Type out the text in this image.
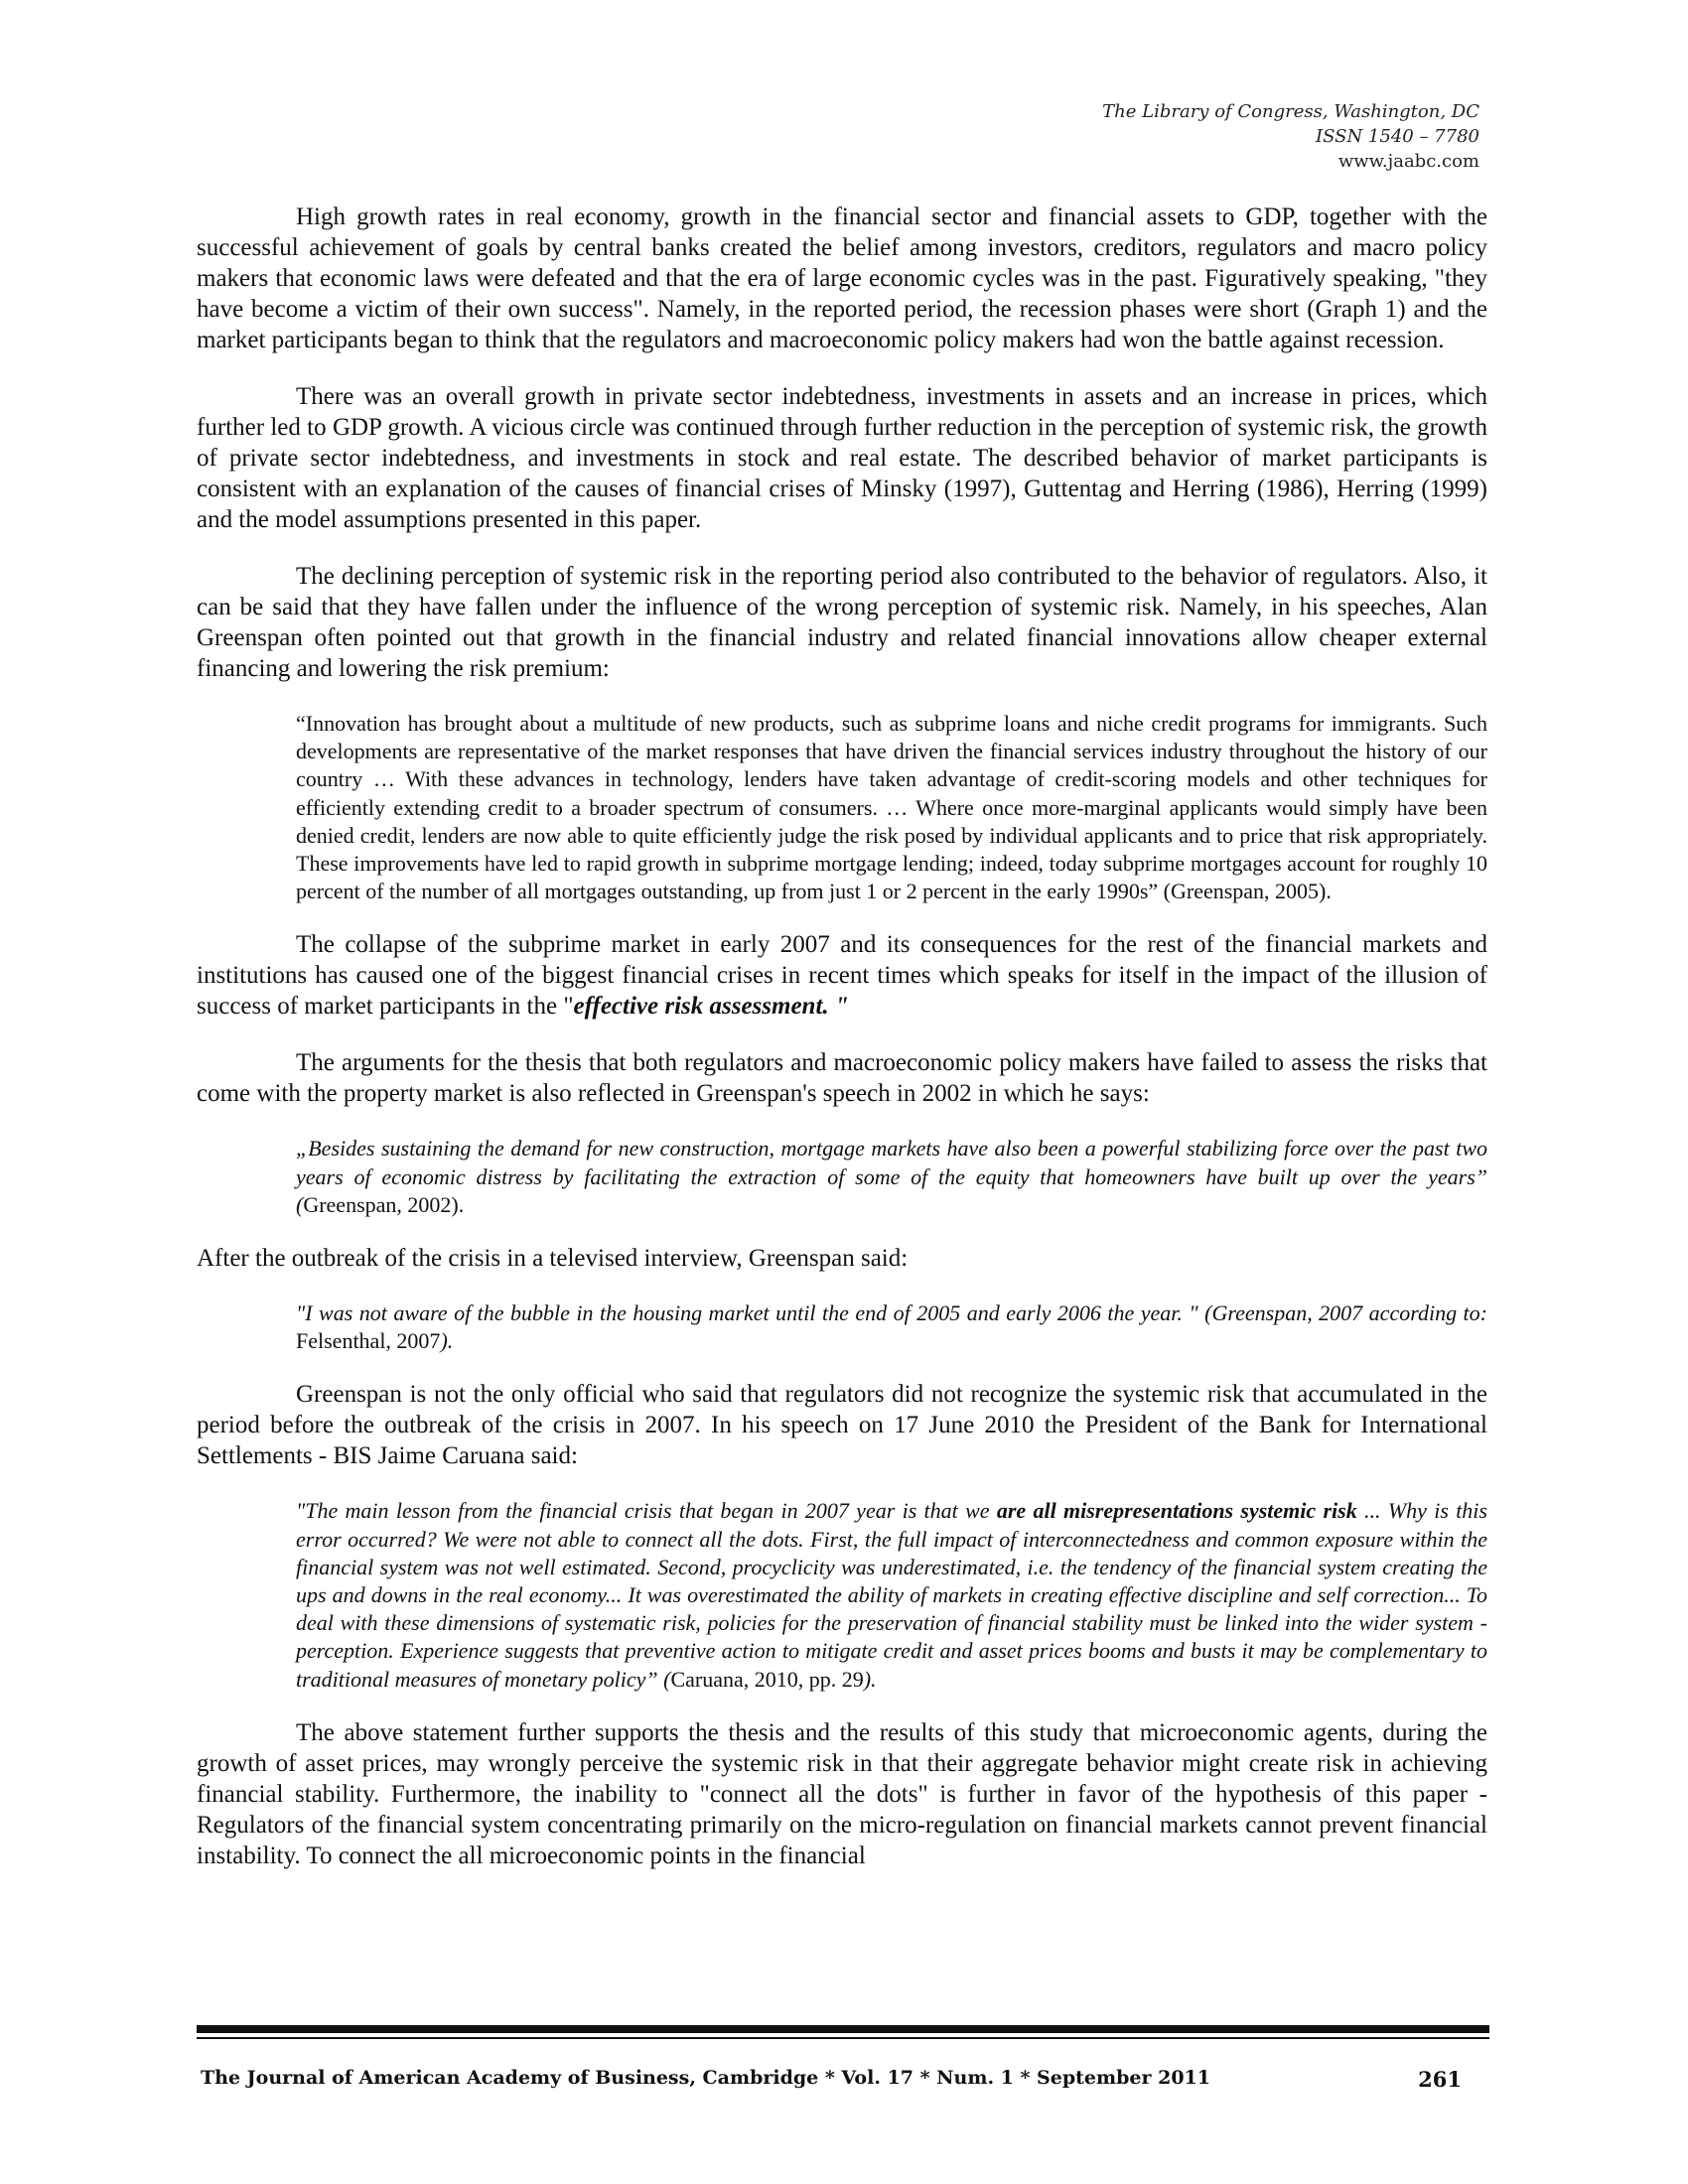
The Library of Congress, Washington, DC
ISSN 1540 – 7780
www.jaabc.com

High growth rates in real economy, growth in the financial sector and financial assets to GDP, together with the successful achievement of goals by central banks created the belief among investors, creditors, regulators and macro policy makers that economic laws were defeated and that the era of large economic cycles was in the past. Figuratively speaking, "they have become a victim of their own success". Namely, in the reported period, the recession phases were short (Graph 1) and the market participants began to think that the regulators and macroeconomic policy makers had won the battle against recession.

There was an overall growth in private sector indebtedness, investments in assets and an increase in prices, which further led to GDP growth. A vicious circle was continued through further reduction in the perception of systemic risk, the growth of private sector indebtedness, and investments in stock and real estate. The described behavior of market participants is consistent with an explanation of the causes of financial crises of Minsky (1997), Guttentag and Herring (1986), Herring (1999) and the model assumptions presented in this paper.

The declining perception of systemic risk in the reporting period also contributed to the behavior of regulators. Also, it can be said that they have fallen under the influence of the wrong perception of systemic risk. Namely, in his speeches, Alan Greenspan often pointed out that growth in the financial industry and related financial innovations allow cheaper external financing and lowering the risk premium:

“Innovation has brought about a multitude of new products, such as subprime loans and niche credit programs for immigrants. Such developments are representative of the market responses that have driven the financial services industry throughout the history of our country … With these advances in technology, lenders have taken advantage of credit-scoring models and other techniques for efficiently extending credit to a broader spectrum of consumers. … Where once more-marginal applicants would simply have been denied credit, lenders are now able to quite efficiently judge the risk posed by individual applicants and to price that risk appropriately. These improvements have led to rapid growth in subprime mortgage lending; indeed, today subprime mortgages account for roughly 10 percent of the number of all mortgages outstanding, up from just 1 or 2 percent in the early 1990s” (Greenspan, 2005).

The collapse of the subprime market in early 2007 and its consequences for the rest of the financial markets and institutions has caused one of the biggest financial crises in recent times which speaks for itself in the impact of the illusion of success of market participants in the "effective risk assessment. "

The arguments for the thesis that both regulators and macroeconomic policy makers have failed to assess the risks that come with the property market is also reflected in Greenspan's speech in 2002 in which he says:

„Besides sustaining the demand for new construction, mortgage markets have also been a powerful stabilizing force over the past two years of economic distress by facilitating the extraction of some of the equity that homeowners have built up over the years” (Greenspan, 2002).

After the outbreak of the crisis in a televised interview, Greenspan said:

"I was not aware of the bubble in the housing market until the end of 2005 and early 2006 the year. " (Greenspan, 2007 according to: Felsenthal, 2007).

Greenspan is not the only official who said that regulators did not recognize the systemic risk that accumulated in the period before the outbreak of the crisis in 2007. In his speech on 17 June 2010 the President of the Bank for International Settlements - BIS Jaime Caruana said:

"The main lesson from the financial crisis that began in 2007 year is that we are all misrepresentations systemic risk ... Why is this error occurred? We were not able to connect all the dots. First, the full impact of interconnectedness and common exposure within the financial system was not well estimated. Second, procyclicity was underestimated, i.e. the tendency of the financial system creating the ups and downs in the real economy... It was overestimated the ability of markets in creating effective discipline and self correction... To deal with these dimensions of systematic risk, policies for the preservation of financial stability must be linked into the wider system - perception. Experience suggests that preventive action to mitigate credit and asset prices booms and busts it may be complementary to traditional measures of monetary policy” (Caruana, 2010, pp. 29).

The above statement further supports the thesis and the results of this study that microeconomic agents, during the growth of asset prices, may wrongly perceive the systemic risk in that their aggregate behavior might create risk in achieving financial stability. Furthermore, the inability to "connect all the dots" is further in favor of the hypothesis of this paper - Regulators of the financial system concentrating primarily on the micro-regulation on financial markets cannot prevent financial instability. To connect the all microeconomic points in the financial

The Journal of American Academy of Business, Cambridge * Vol. 17 * Num. 1 * September 2011	261
